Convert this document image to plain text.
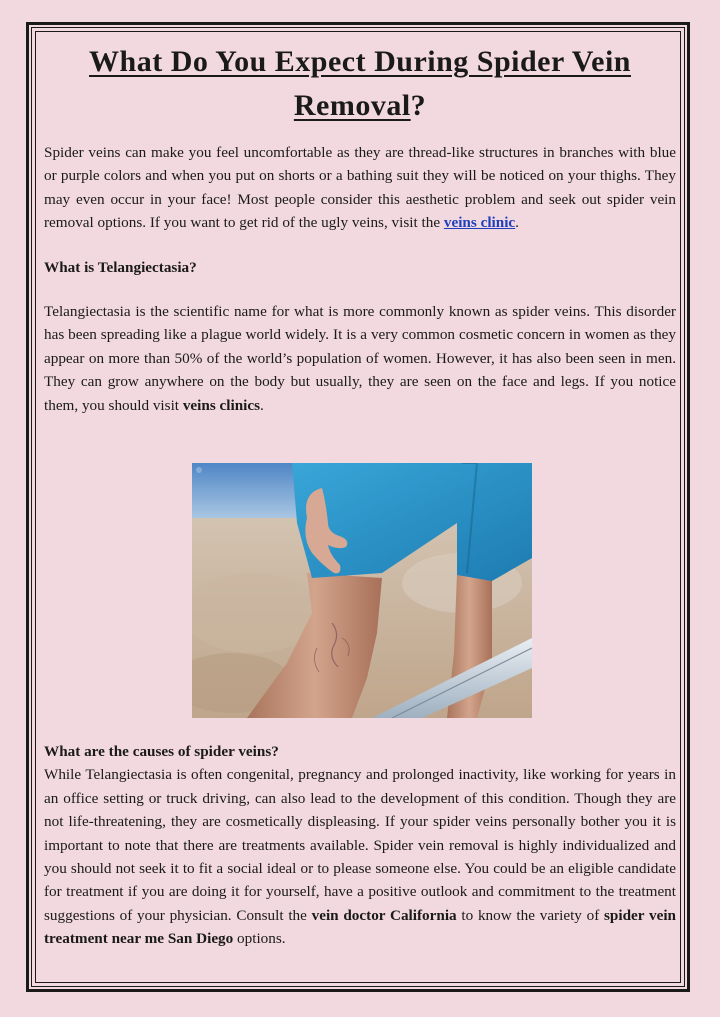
What Do You Expect During Spider Vein
Removal?

Spider veins can make you feel uncomfortable as they are thread-like structures in branches with blue or purple colors and when you put on shorts or a bathing suit they will be noticed on your thighs. They may even occur in your face! Most people consider this aesthetic problem and seek out spider vein removal options. If you want to get rid of the ugly veins, visit the veins clinic.

What is Telangiectasia?

Telangiectasia is the scientific name for what is more commonly known as spider veins. This disorder has been spreading like a plague world widely. It is a very common cosmetic concern in women as they appear on more than 50% of the world’s population of women. However, it has also been seen in men. They can grow anywhere on the body but usually, they are seen on the face and legs. If you notice them, you should visit veins clinics.

What are the causes of spider veins?

While Telangiectasia is often congenital, pregnancy and prolonged inactivity, like working for years in an office setting or truck driving, can also lead to the development of this condition. Though they are not life-threatening, they are cosmetically displeasing. If your spider veins personally bother you it is important to note that there are treatments available. Spider vein removal is highly individualized and you should not seek it to fit a social ideal or to please someone else. You could be an eligible candidate for treatment if you are doing it for yourself, have a positive outlook and commitment to the treatment suggestions of your physician. Consult the vein doctor California to know the variety of spider vein treatment near me San Diego options.
